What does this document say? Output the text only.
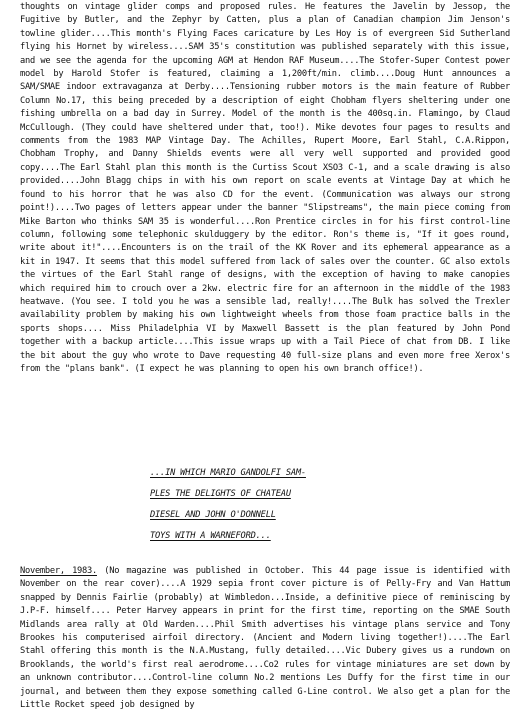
thoughts on vintage glider comps and proposed rules. He features the Javelin by Jessop, the Fugitive by Butler, and the Zephyr by Catten, plus a plan of Canadian champion Jim Jenson's towline glider....This month's Flying Faces caricature by Les Hoy is of evergreen Sid Sutherland flying his Hornet by wireless....SAM 35's constitution was published separately with this issue, and we see the agenda for the upcoming AGM at Hendon RAF Museum....The Stofer-Super Contest power model by Harold Stofer is featured, claiming a 1,200ft/min. climb....Doug Hunt announces a SAM/SMAE indoor extravaganza at Derby....Tensioning rubber motors is the main feature of Rubber Column No.17, this being preceded by a description of eight Chobham flyers sheltering under one fishing umbrella on a bad day in Surrey. Model of the month is the 400sq.in. Flamingo, by Claud McCullough. (They could have sheltered under that, too!). Mike devotes four pages to results and comments from the 1983 MAP Vintage Day. The Achilles, Rupert Moore, Earl Stahl, C.A.Rippon, Chobham Trophy, and Danny Shields events were all very well supported and provided good copy....The Earl Stahl plan this month is the Curtiss Scout XSO3 C-1, and a scale drawing is also provided....John Blagg chips in with his own report on scale events at Vintage Day at which he found to his horror that he was also CD for the event. (Communication was always our strong point!)....Two pages of letters appear under the banner "Slipstreams", the main piece coming from Mike Barton who thinks SAM 35 is wonderful....Ron Prentice circles in for his first control-line column, following some telephonic skulduggery by the editor. Ron's theme is, "If it goes round, write about it!"....Encounters is on the trail of the KK Rover and its ephemeral appearance as a kit in 1947. It seems that this model suffered from lack of sales over the counter. GC also extols the virtues of the Earl Stahl range of designs, with the exception of having to make canopies which required him to crouch over a 2kw. electric fire for an afternoon in the middle of the 1983 heatwave. (You see. I told you he was a sensible lad, really!....The Bulk has solved the Trexler availability problem by making his own lightweight wheels from those foam practice balls in the sports shops.... Miss Philadelphia VI by Maxwell Bassett is the plan featured by John Pond together with a backup article....This issue wraps up with a Tail Piece of chat from DB. I like the bit about the guy who wrote to Dave requesting 40 full-size plans and even more free Xerox's from the "plans bank". (I expect he was planning to open his own branch office!).

...IN WHICH MARIO GANDOLFI SAM-
PLES THE DELIGHTS OF CHATEAU
DIESEL AND JOHN O'DONNELL
TOYS WITH A WARNEFORD...

November, 1983. (No magazine was published in October. This 44 page issue is identified with November on the rear cover)....A 1929 sepia front cover picture is of Pelly-Fry and Van Hattum snapped by Dennis Fairlie (probably) at Wimbledon...Inside, a definitive piece of reminiscing by J.P-F. himself.... Peter Harvey appears in print for the first time, reporting on the SMAE South Midlands area rally at Old Warden....Phil Smith advertises his vintage plans service and Tony Brookes his computerised airfoil directory. (Ancient and Modern living together!)....The Earl Stahl offering this month is the N.A.Mustang, fully detailed....Vic Dubery gives us a rundown on Brooklands, the world's first real aerodrome....Co2 rules for vintage miniatures are set down by an unknown contributor....Control-line column No.2 mentions Les Duffy for the first time in our journal, and between them they expose something called G-Line control. We also get a plan for the Little Rocket speed job designed by
